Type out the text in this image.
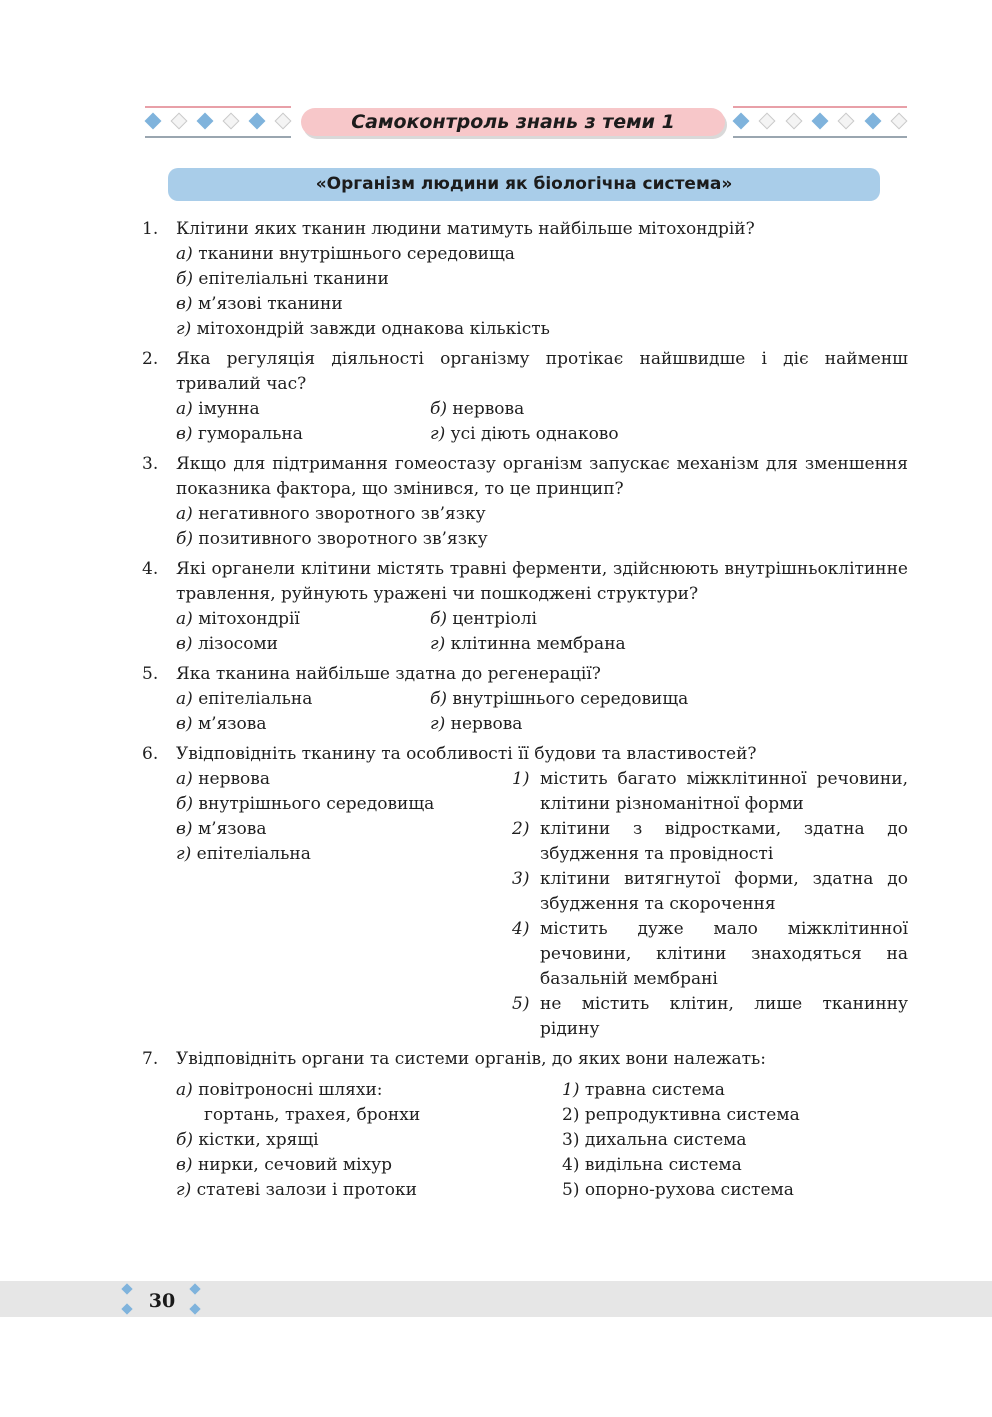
Самоконтроль знань з теми 1
«Організм людини як біологічна система»
1.	Клітини яких тканин людини матимуть найбільше мітохондрій?
а) тканини внутрішнього середовища
б) епітеліальні тканини
в) м’язові тканини
г) мітохондрій завжди однакова кількість
2.	Яка регуляція діяльності організму протікає найшвидше і діє найменш тривалий час?
а) імунна	б) нервова
в) гуморальна	г) усі діють однаково
3.	Якщо для підтримання гомеостазу організм запускає механізм для зменшення показника фактора, що змінився, то це принцип?
а) негативного зворотного зв’язку
б) позитивного зворотного зв’язку
4.	Які органели клітини містять травні ферменти, здійснюють внутрішньоклітинне травлення, руйнують уражені чи пошкоджені структури?
а) мітохондрії	б) центріолі
в) лізосоми	г) клітинна мембрана
5.	Яка тканина найбільше здатна до регенерації?
а) епітеліальна	б) внутрішнього середовища
в) м’язова	г) нервова
6.	Увідповідніть тканину та особливості її будови та властивостей?
а) нервова
б) внутрішнього середовища
в) м’язова
г) епітеліальна
1) містить багато міжклітинної речовини, клітини різноманітної форми
2) клітини з відростками, здатна до збудження та провідності
3) клітини витягнутої форми, здатна до збудження та скорочення
4) містить дуже мало міжклітинної речовини, клітини знаходяться на базальній мембрані
5) не містить клітин, лише тканинну рідину
7.	Увідповідніть органи та системи органів, до яких вони належать:
а) повітроносні шляхи:
гортань, трахея, бронхи
б) кістки, хрящі
в) нирки, сечовий міхур
г) статеві залози і протоки
1) травна система
2) репродуктивна система
3) дихальна система
4) видільна система
5) опорно-рухова система
30
